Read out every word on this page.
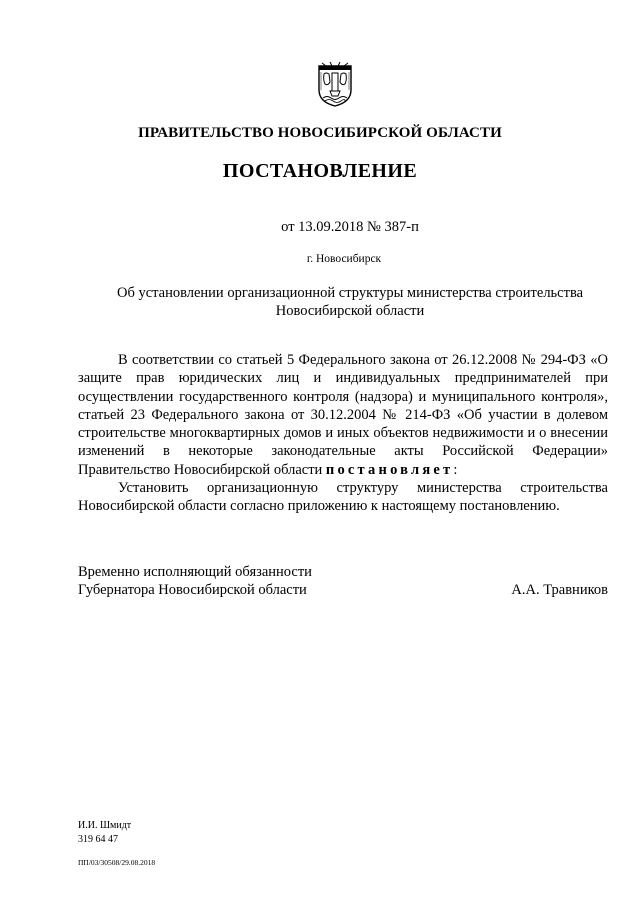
ПРАВИТЕЛЬСТВО НОВОСИБИРСКОЙ ОБЛАСТИ
ПОСТАНОВЛЕНИЕ
от 13.09.2018 № 387-п
г. Новосибирск
Об установлении организационной структуры министерства строительства
Новосибирской области

В соответствии со статьей 5 Федерального закона от 26.12.2008 № 294-ФЗ «О защите прав юридических лиц и индивидуальных предпринимателей при осуществлении государственного контроля (надзора) и муниципального контроля», статьей 23 Федерального закона от 30.12.2004 № 214-ФЗ «Об участии в долевом строительстве многоквартирных домов и иных объектов недвижимости и о внесении изменений в некоторые законодательные акты Российской Федерации» Правительство Новосибирской области постановляет:

Установить организационную структуру министерства строительства Новосибирской области согласно приложению к настоящему постановлению.

Временно исполняющий обязанности
Губернатора Новосибирской области	А.А. Травников
И.И. Шмидт
319 64 47
ПП/03/30508/29.08.2018
